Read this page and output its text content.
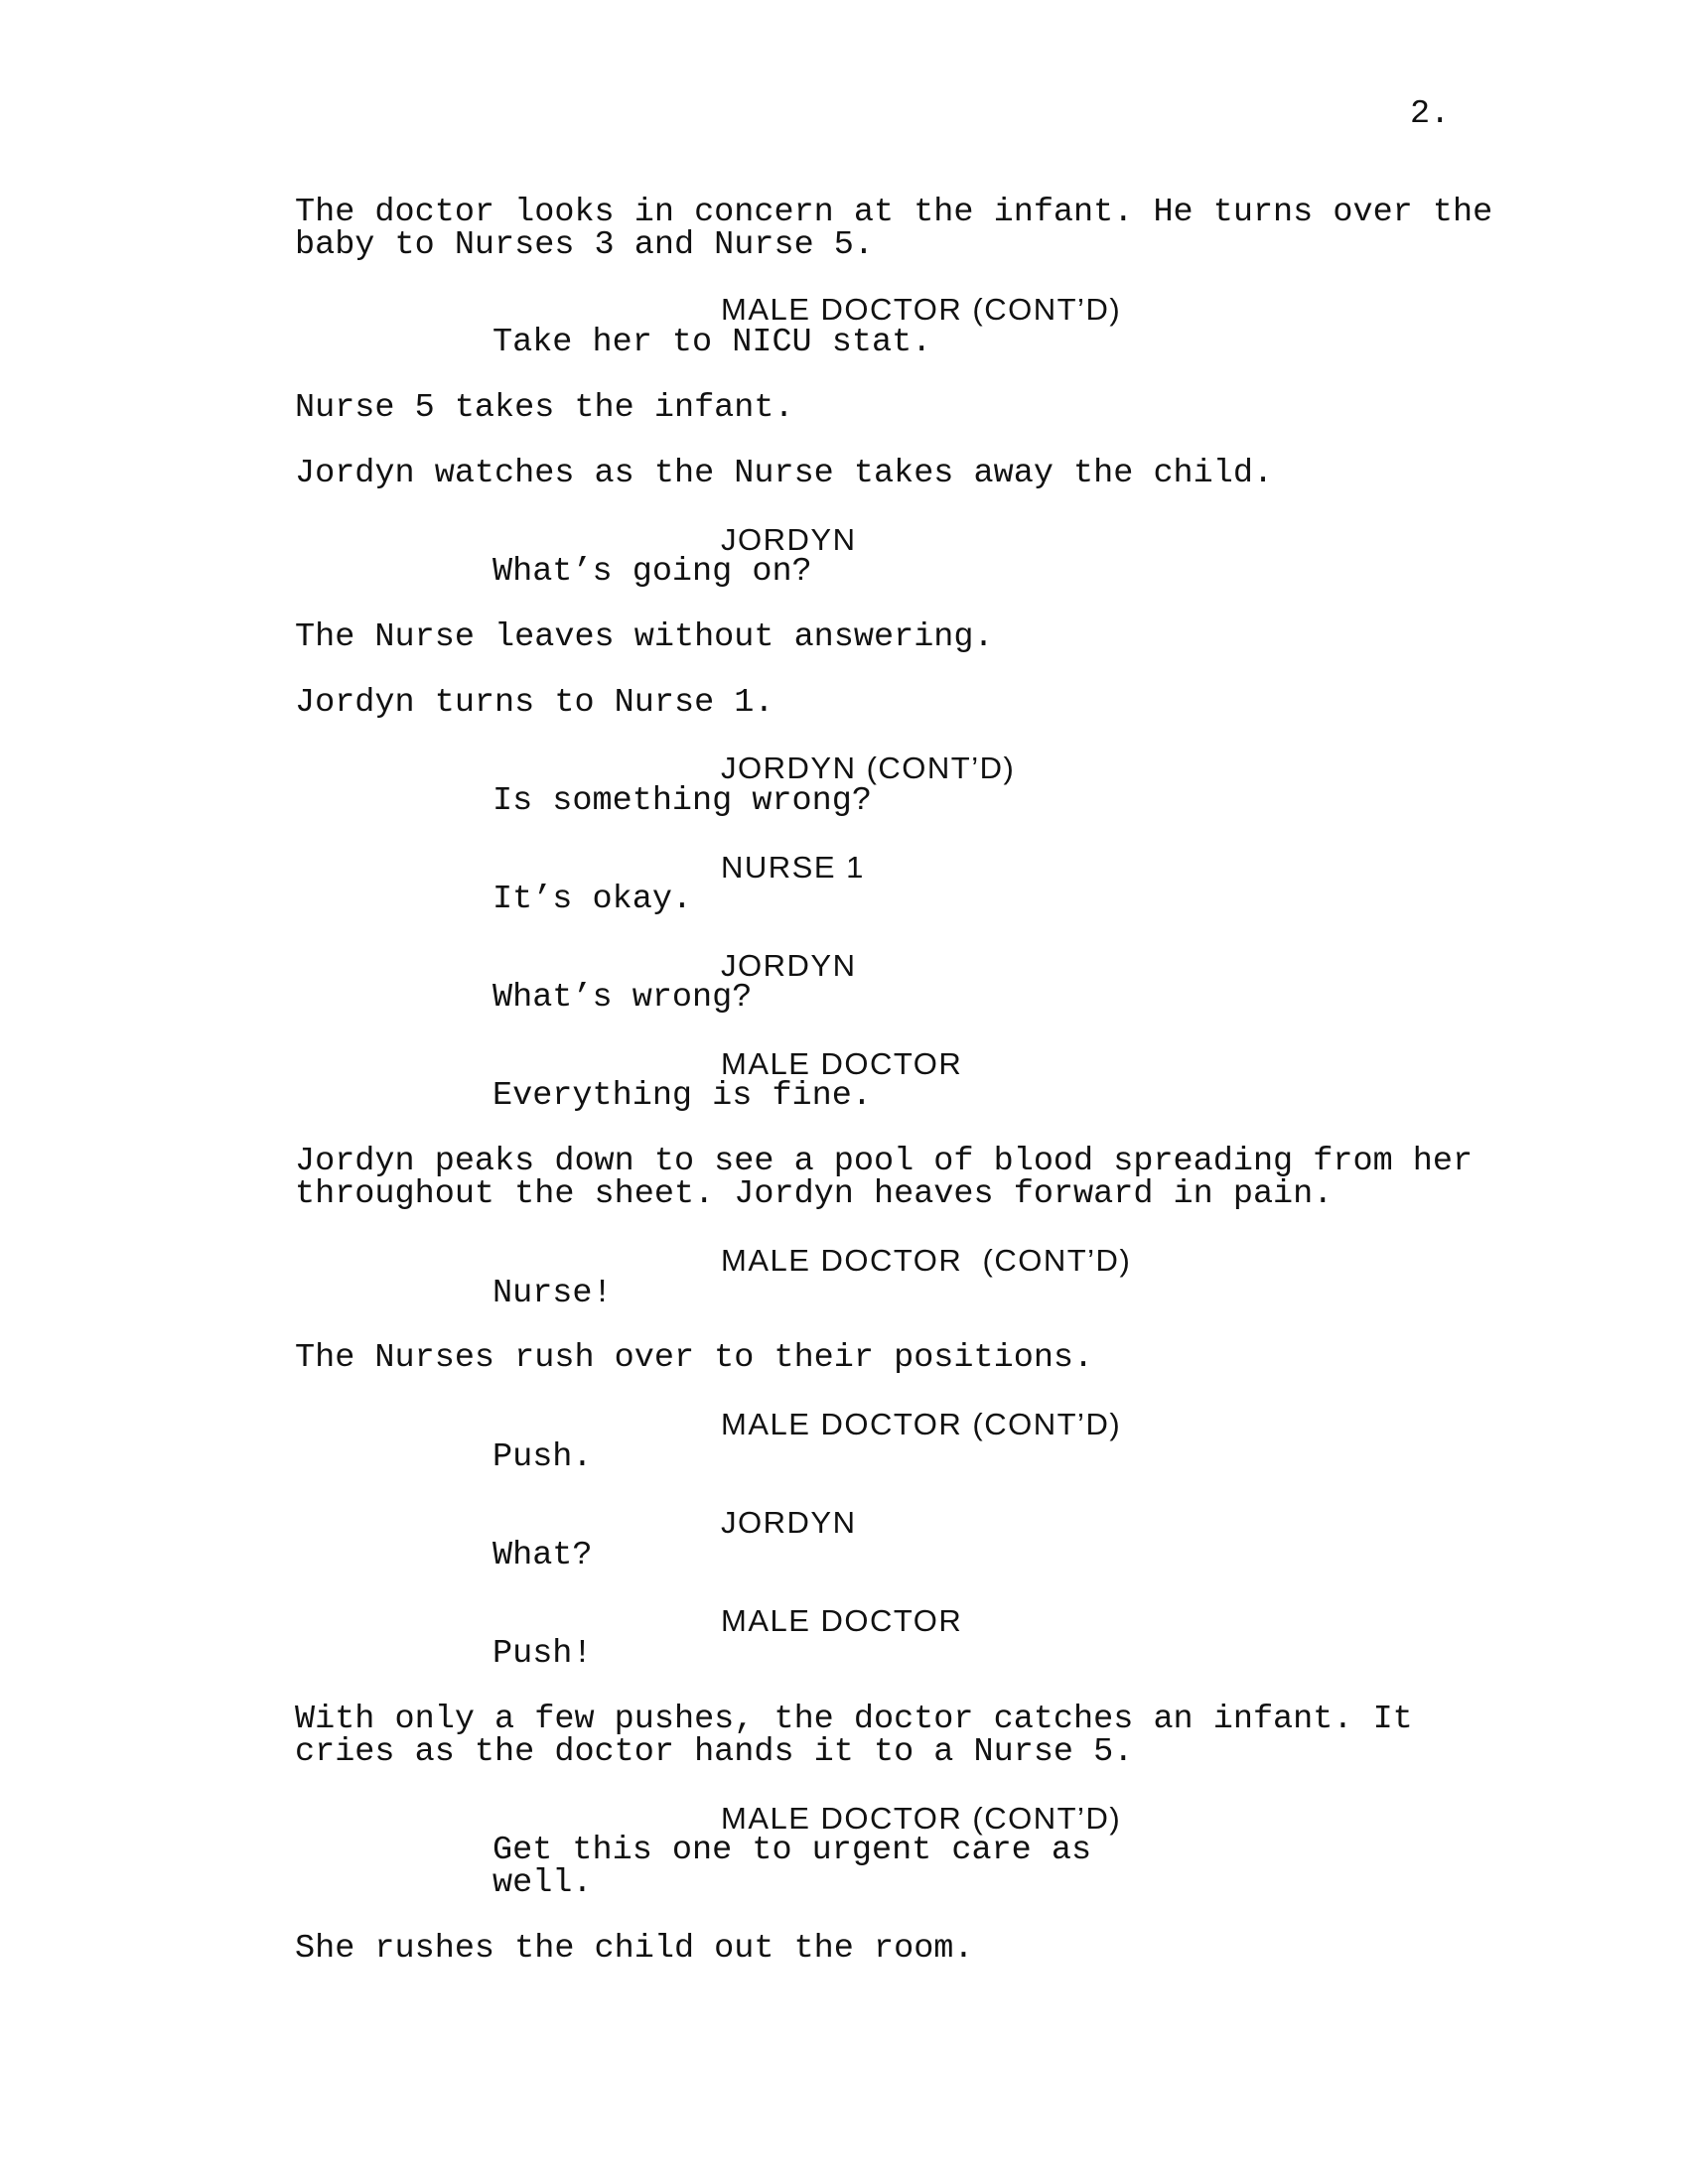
2.
The doctor looks in concern at the infant. He turns over the
baby to Nurses 3 and Nurse 5.
MALE DOCTOR (CONT’D)
Take her to NICU stat.
Nurse 5 takes the infant.
Jordyn watches as the Nurse takes away the child.
JORDYN
What’s going on?
The Nurse leaves without answering.
Jordyn turns to Nurse 1.
JORDYN (CONT’D)
Is something wrong?
NURSE 1
It’s okay.
JORDYN
What’s wrong?
MALE DOCTOR
Everything is fine.
Jordyn peaks down to see a pool of blood spreading from her
throughout the sheet. Jordyn heaves forward in pain.
MALE DOCTOR  (CONT’D)
Nurse!
The Nurses rush over to their positions.
MALE DOCTOR (CONT’D)
Push.
JORDYN
What?
MALE DOCTOR
Push!
With only a few pushes, the doctor catches an infant. It
cries as the doctor hands it to a Nurse 5.
MALE DOCTOR (CONT’D)
Get this one to urgent care as
well.
She rushes the child out the room.
